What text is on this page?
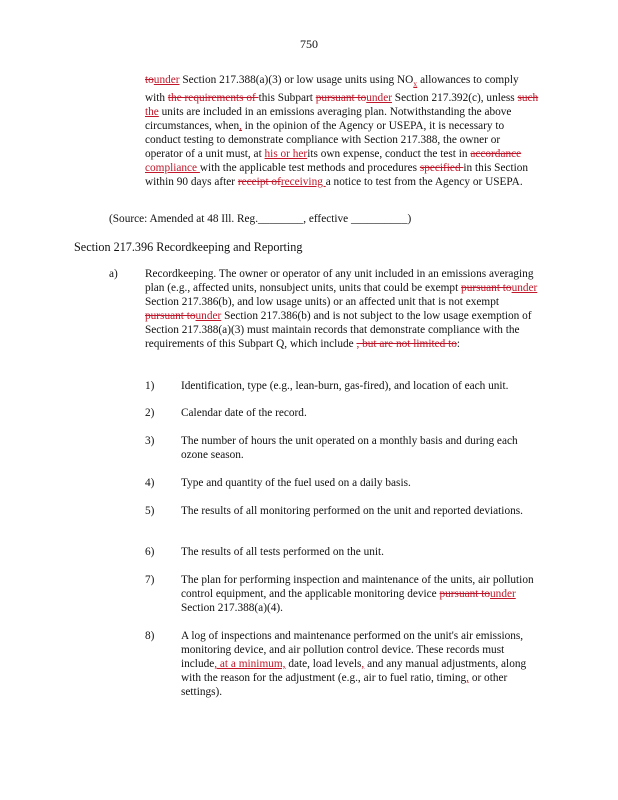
750
tounder Section 217.388(a)(3) or low usage units using $NO_x$ allowances to comply with the requirements of this Subpart pursuant tounder Section 217.392(c), unless such the units are included in an emissions averaging plan. Notwithstanding the above circumstances, when, in the opinion of the Agency or USEPA, it is necessary to conduct testing to demonstrate compliance with Section 217.388, the owner or operator of a unit must, at his or herits own expense, conduct the test in accordance compliance with the applicable test methods and procedures specified in this Section within 90 days after receipt ofreceiving a notice to test from the Agency or USEPA.
(Source: Amended at 48 Ill. Reg.________, effective __________)
Section 217.396 Recordkeeping and Reporting
a) Recordkeeping. The owner or operator of any unit included in an emissions averaging plan (e.g., affected units, nonsubject units, units that could be exempt pursuant tounder Section 217.386(b), and low usage units) or an affected unit that is not exempt pursuant tounder Section 217.386(b) and is not subject to the low usage exemption of Section 217.388(a)(3) must maintain records that demonstrate compliance with the requirements of this Subpart Q, which include , but are not limited to:
1)	Identification, type (e.g., lean-burn, gas-fired), and location of each unit.
2)	Calendar date of the record.
3)	The number of hours the unit operated on a monthly basis and during each ozone season.
4)	Type and quantity of the fuel used on a daily basis.
5)	The results of all monitoring performed on the unit and reported deviations.
6)	The results of all tests performed on the unit.
7)	The plan for performing inspection and maintenance of the units, air pollution control equipment, and the applicable monitoring device pursuant tounder Section 217.388(a)(4).
8)	A log of inspections and maintenance performed on the unit's air emissions, monitoring device, and air pollution control device. These records must include, at a minimum, date, load levels, and any manual adjustments, along with the reason for the adjustment (e.g., air to fuel ratio, timing, or other settings).
